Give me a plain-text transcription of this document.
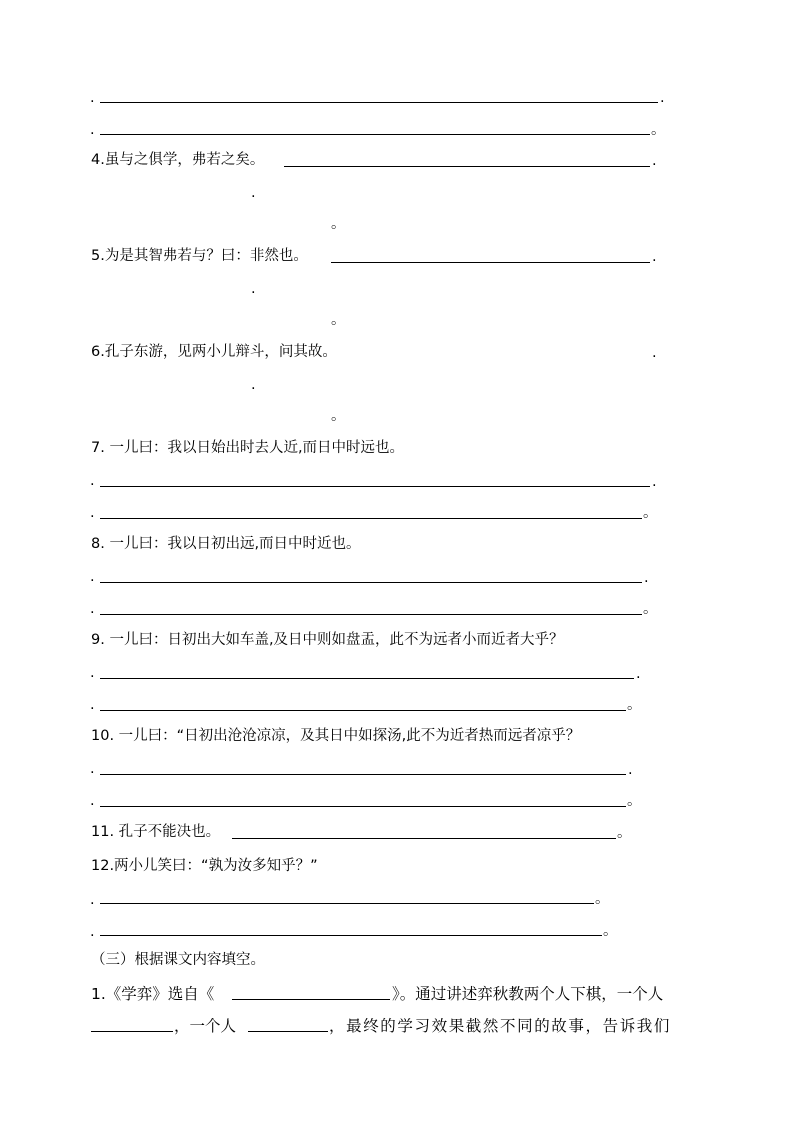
.	.
.	。
4.虽与之俱学，弗若之矣。	.
.
。
5.为是其智弗若与？曰：非然也。	.
.
。
6.孔子东游，见两小儿辩斗，问其故。	.
.
。
7. 一儿曰：我以日始出时去人近,而日中时远也。
.	.
.	。
8. 一儿曰：我以日初出远,而日中时近也。
.	.
.	。
9. 一儿曰：日初出大如车盖,及日中则如盘盂，此不为远者小而近者大乎？
.	.
.	。
10. 一儿曰：“日初出沧沧凉凉，及其日中如探汤,此不为近者热而远者凉乎？
.	.
.	。
11. 孔子不能决也。	。
12.两小儿笑曰：“孰为汝多知乎？”
.	。
.	。
（三）根据课文内容填空。
1.《学弈》选自《	》。通过讲述弈秋教两个人下棋，一个人
，一个人	，最终的学习效果截然不同的故事，告诉我们
